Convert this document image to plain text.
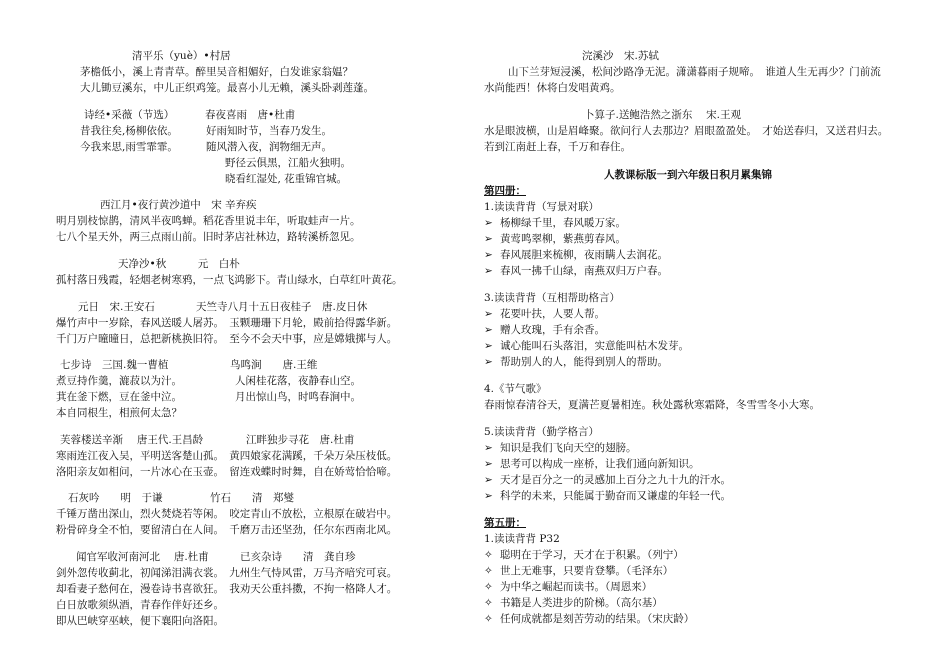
清平乐（yuè）•村居
茅檐低小，溪上青青草。醉里吴音相媚好，白发谁家翁媪？
大儿锄豆溪东，中儿正织鸡笼。最喜小儿无赖，溪头卧剥莲蓬。
诗经•采薇（节选）	春夜喜雨　唐•杜甫
昔我往矣,杨柳依依。	好雨知时节，当春乃发生。
今我来思,雨雪霏霏。	随风潜入夜，润物细无声。
野径云俱黑，江船火独明。
晓看红湿处, 花重锦官城。
西江月•夜行黄沙道中　宋 辛弃疾
明月别枝惊鹊，清风半夜鸣蝉。稻花香里说丰年，听取蛙声一片。
七八个星天外，两三点雨山前。旧时茅店社林边，路转溪桥忽见。
天净沙•秋　　　元　白朴
孤村落日残霞，轻烟老树寒鸦，一点飞鸿影下。青山绿水，白草红叶黄花。
元日　宋.王安石	天竺寺八月十五日夜桂子　唐.皮日休
爆竹声中一岁除，春风送暖人屠苏。　玉颗珊珊下月轮，殿前拾得露华新。
千门万户曈曈日，总把新桃换旧符。　至今不会天中事，应是嫦娥掷与人。
七步诗　三国.魏一曹植	鸟鸣涧　　唐.王维
煮豆持作羹，漉菽以为汁。	人闲桂花落，夜静春山空。
萁在釜下燃，豆在釜中泣。	月出惊山鸟，时鸣春涧中。
本自同根生，相煎何太急？
芙蓉楼送辛渐　 唐王代.王昌龄	江畔独步寻花　唐.杜甫
寒雨连江夜入吴，平明送客楚山孤。　黄四娘家花满蹊，千朵万朵压枝低。
洛阳亲友如相问，一片冰心在玉壶。　留连戏蝶时时舞，自在娇莺恰恰啼。
石灰吟　　明　于谦	竹石　　清　郑燮
千锤万凿出深山，烈火焚烧若等闲。　咬定青山不放松，立根原在破岩中。
粉骨碎身全不怕，要留清白在人间。　千磨万击还坚劲，任尔东西南北风。
闻官军收河南河北　 唐.杜甫	已亥杂诗　　清　龚自珍
剑外忽传收蓟北，初闻涕泪满衣裳。　九州生气恃风雷，万马齐喑究可哀。
却看妻子愁何在，漫卷诗书喜欲狂。　我劝天公重抖擞，不拘一格降人才。
白日放歌须纵酒，青春作伴好还乡。
即从巴峡穿巫峡，便下襄阳向洛阳。
浣溪沙　宋.苏轼
山下兰芽短浸溪，松间沙路净无泥。潇潇暮雨子规啼。　谁道人生无再少？门前流
水尚能西！休将白发唱黄鸡。
卜算子.送鲍浩然之浙东　 宋.王观
水是眼波横，山是眉峰聚。欲问行人去那边？眉眼盈盈处。　才始送春归，又送君归去。
若到江南赶上春，千万和春住。
人教课标版一到六年级日积月累集锦
第四册：
1.读读背背（写景对联）
➢ 杨柳绿千里，春风暖万家。
➢ 黄莺鸣翠柳，紫燕剪春风。
➢ 春风展胆来梳柳，夜雨瞒人去润花。
➢ 春风一拂千山绿，南燕双归万户春。
3.读读背背（互相帮助格言）
➢ 花要叶扶，人要人帮。
➢ 赠人玫瑰，手有余香。
➢ 诚心能叫石头落泪，实意能叫枯木发芽。
➢ 帮助别人的人，能得到别人的帮助。
4.《节气歌》
春雨惊春清谷天，夏满芒夏暑相连。秋处露秋寒霜降，冬雪雪冬小大寒。
5.读读背背（勤学格言）
➢ 知识是我们飞向天空的翅膀。
➢ 思考可以构成一座桥，让我们通向新知识。
➢ 天才是百分之一的灵感加上百分之九十九的汗水。
➢ 科学的未来，只能属于勤奋而又谦虚的年轻一代。
第五册：
1.读读背背 P32
✧ 聪明在于学习，天才在于积累。（列宁）
✧ 世上无难事，只要肯登攀。（毛泽东）
✧ 为中华之崛起而读书。（周恩来）
✧ 书籍是人类进步的阶梯。（高尔基）
✧ 任何成就都是刻苦劳动的结果。（宋庆龄）
